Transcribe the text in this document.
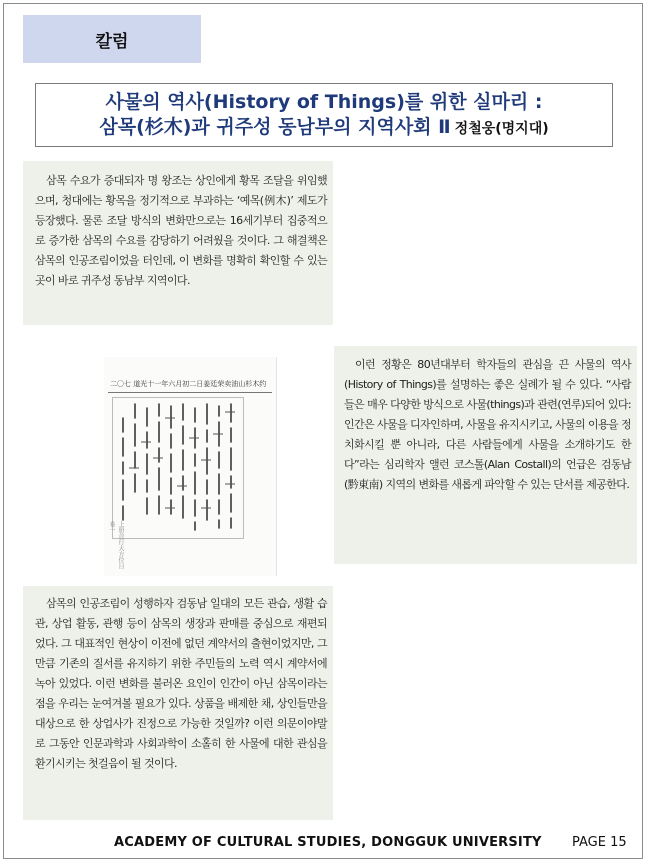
칼럼
사물의 역사(History of Things)를 위한 실마리 :
삼목(杉木)과 귀주성 동남부의 지역사회 Ⅱ 정철웅(명지대)

삼목 수요가 증대되자 명 왕조는 상인에게 황목 조달을 위임했으며, 청대에는 황목을 정기적으로 부과하는 ‘예목(例木)’ 제도가 등장했다. 물론 조달 방식의 변화만으로는 16세기부터 집중적으로 증가한 삼목의 수요를 감당하기 어려웠을 것이다. 그 해결책은 삼목의 인공조림이었을 터인데, 이 변화를 명확히 확인할 수 있는 곳이 바로 귀주성 동남부 지역이다.

二〇七 道光十一年六月初二日姜廷荣卖油山杉木约
上册首行大方位目 卷一

이런 정황은 80년대부터 학자들의 관심을 끈 사물의 역사(History of Things)를 설명하는 좋은 실례가 될 수 있다. “사람들은 매우 다양한 방식으로 사물(things)과 관련(연루)되어 있다: 인간은 사물을 디자인하며, 사물을 유지시키고, 사물의 이용을 정치화시킬 뿐 아니라, 다른 사람들에게 사물을 소개하기도 한다”라는 심리학자 앨런 코스톨(Alan Costall)의 언급은 검동남(黔東南) 지역의 변화를 새롭게 파악할 수 있는 단서를 제공한다.

삼목의 인공조림이 성행하자 검동남 일대의 모든 관습, 생활 습관, 상업 활동, 관행 등이 삼목의 생장과 판매를 중심으로 재편되었다. 그 대표적인 현상이 이전에 없던 계약서의 출현이었지만, 그만큼 기존의 질서를 유지하기 위한 주민들의 노력 역시 계약서에 녹아 있었다. 이런 변화를 불러온 요인이 인간이 아닌 삼목이라는 점을 우리는 눈여겨볼 필요가 있다. 상품을 배제한 채, 상인들만을 대상으로 한 상업사가 진정으로 가능한 것일까? 이런 의문이야말로 그동안 인문과학과 사회과학이 소홀히 한 사물에 대한 관심을 환기시키는 첫걸음이 될 것이다.

ACADEMY OF CULTURAL STUDIES, DONGGUK UNIVERSITY PAGE 15
